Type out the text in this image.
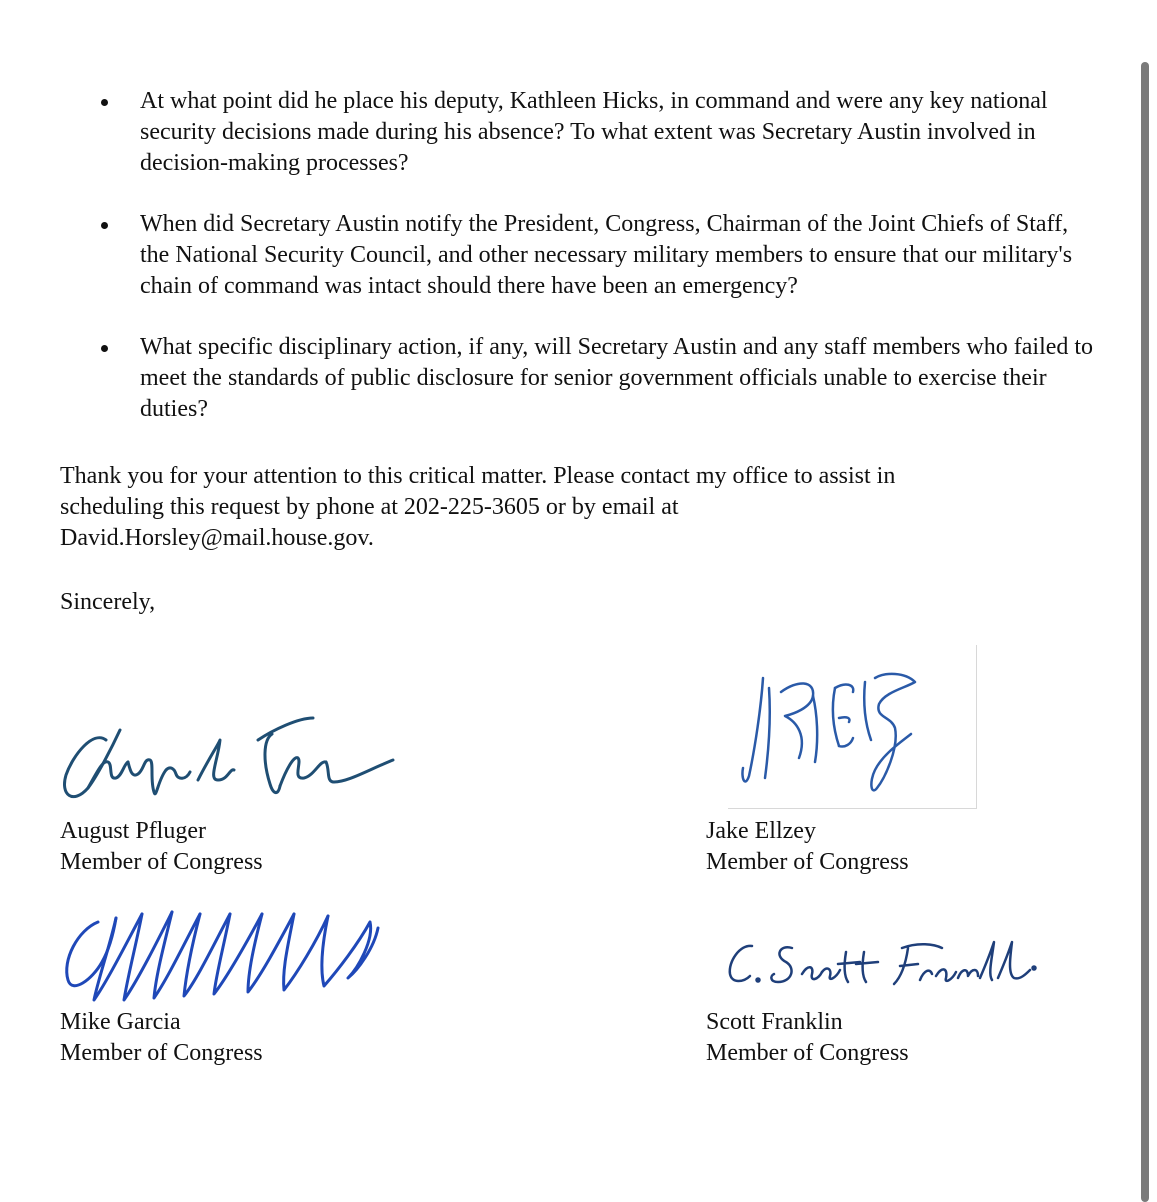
At what point did he place his deputy, Kathleen Hicks, in command and were any key national security decisions made during his absence? To what extent was Secretary Austin involved in decision-making processes?
When did Secretary Austin notify the President, Congress, Chairman of the Joint Chiefs of Staff, the National Security Council, and other necessary military members to ensure that our military's chain of command was intact should there have been an emergency?
What specific disciplinary action, if any, will Secretary Austin and any staff members who failed to meet the standards of public disclosure for senior government officials unable to exercise their duties?

Thank you for your attention to this critical matter. Please contact my office to assist in
scheduling this request by phone at 202-225-3605 or by email at
David.Horsley@mail.house.gov.

Sincerely,

August Pfluger
Member of Congress
Jake Ellzey
Member of Congress
Mike Garcia
Member of Congress
Scott Franklin
Member of Congress
